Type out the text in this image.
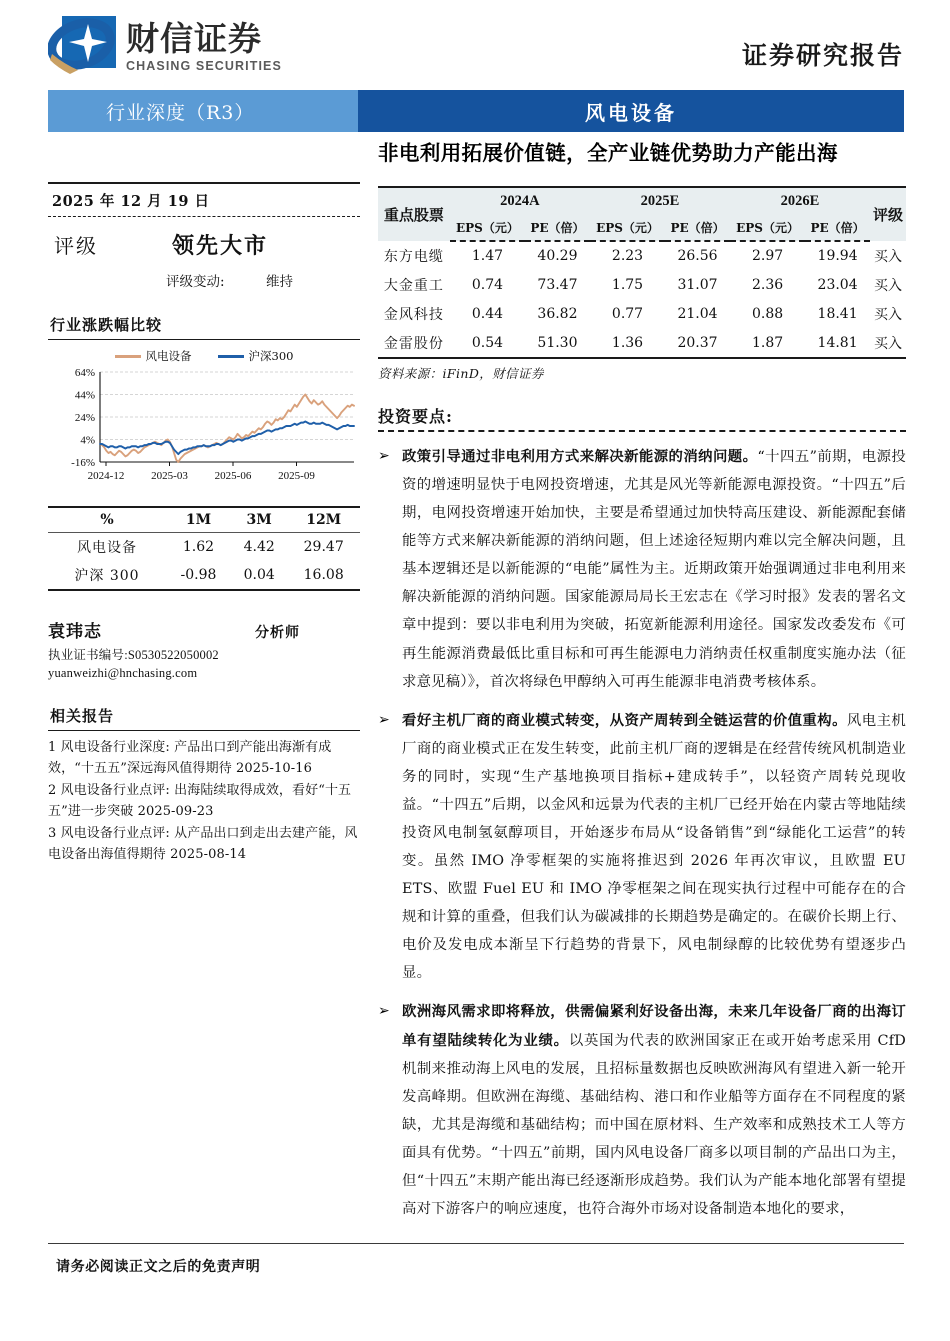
财信证券
CHASING SECURITIES	证券研究报告
行业深度（R3）	风电设备
非电利用拓展价值链，全产业链优势助力产能出海
2025 年 12 月 19 日
评级	领先大市
评级变动:	维持
行业涨跌幅比较
风电设备	沪深300
-16%
4%
24%
44%
64%
2024-12 2025-03 2025-06 2025-09
%	1M	3M	12M
风电设备	1.62	4.42	29.47
沪深 300	-0.98	0.04	16.08
袁玮志	分析师
执业证书编号:S0530522050002
yuanweizhi@hnchasing.com
相关报告
1 风电设备行业深度: 产品出口到产能出海渐有成效，“十五五”深远海风值得期待 2025-10-16
2 风电设备行业点评: 出海陆续取得成效，看好“十五五”进一步突破 2025-09-23
3 风电设备行业点评: 从产品出口到走出去建产能，风电设备出海值得期待 2025-08-14
重点股票	2024A		2025E		2026E		评级
	EPS（元）	PE（倍）	EPS（元）	PE（倍）	EPS（元）	PE（倍）	
东方电缆	1.47	40.29	2.23	26.56	2.97	19.94	买入
大金重工	0.74	73.47	1.75	31.07	2.36	23.04	买入
金风科技	0.44	36.82	0.77	21.04	0.88	18.41	买入
金雷股份	0.54	51.30	1.36	20.37	1.87	14.81	买入
资料来源：iFinD，财信证券
投资要点:
➢ 政策引导通过非电利用方式来解决新能源的消纳问题。“十四五”前期，电源投资的增速明显快于电网投资增速，尤其是风光等新能源电源投资。“十四五”后期，电网投资增速开始加快，主要是希望通过加快特高压建设、新能源配套储能等方式来解决新能源的消纳问题，但上述途径短期内难以完全解决问题，且基本逻辑还是以新能源的“电能”属性为主。近期政策开始强调通过非电利用来解决新能源的消纳问题。国家能源局局长王宏志在《学习时报》发表的署名文章中提到：要以非电利用为突破，拓宽新能源利用途径。国家发改委发布《可再生能源消费最低比重目标和可再生能源电力消纳责任权重制度实施办法（征求意见稿）》，首次将绿色甲醇纳入可再生能源非电消费考核体系。
➢ 看好主机厂商的商业模式转变，从资产周转到全链运营的价值重构。风电主机厂商的商业模式正在发生转变，此前主机厂商的逻辑是在经营传统风机制造业务的同时，实现“生产基地换项目指标+建成转手”，以轻资产周转兑现收益。“十四五”后期，以金风和远景为代表的主机厂已经开始在内蒙古等地陆续投资风电制氢氨醇项目，开始逐步布局从“设备销售”到“绿能化工运营”的转变。虽然 IMO 净零框架的实施将推迟到 2026 年再次审议，且欧盟 EU ETS、欧盟 Fuel EU 和 IMO 净零框架之间在现实执行过程中可能存在的合规和计算的重叠，但我们认为碳减排的长期趋势是确定的。在碳价长期上行、电价及发电成本渐呈下行趋势的背景下，风电制绿醇的比较优势有望逐步凸显。
➢ 欧洲海风需求即将释放，供需偏紧利好设备出海，未来几年设备厂商的出海订单有望陆续转化为业绩。以英国为代表的欧洲国家正在或开始考虑采用 CfD 机制来推动海上风电的发展，且招标量数据也反映欧洲海风有望进入新一轮开发高峰期。但欧洲在海缆、基础结构、港口和作业船等方面存在不同程度的紧缺，尤其是海缆和基础结构；而中国在原材料、生产效率和成熟技术工人等方面具有优势。“十四五”前期，国内风电设备厂商多以项目制的产品出口为主，但“十四五”末期产能出海已经逐渐形成趋势。我们认为产能本地化部署有望提高对下游客户的响应速度，也符合海外市场对设备制造本地化的要求，
请务必阅读正文之后的免责声明
